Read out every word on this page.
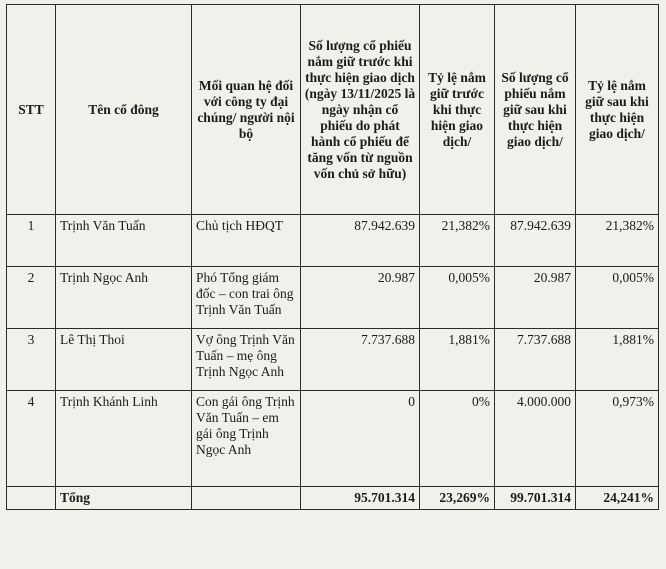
STT	Tên cổ đông	Mối quan hệ đối với công ty đại chúng/ người nội bộ	Số lượng cổ phiếu nắm giữ trước khi thực hiện giao dịch (ngày 13/11/2025 là ngày nhận cổ phiếu do phát hành cổ phiếu để tăng vốn từ nguồn vốn chủ sở hữu)	Tỷ lệ nắm giữ trước khi thực hiện giao dịch/	Số lượng cổ phiếu nắm giữ sau khi thực hiện giao dịch/	Tỷ lệ nắm giữ sau khi thực hiện giao dịch/
1	Trịnh Văn Tuấn	Chủ tịch HĐQT	87.942.639	21,382%	87.942.639	21,382%
2	Trịnh Ngọc Anh	Phó Tổng giám đốc – con trai ông Trịnh Văn Tuấn	20.987	0,005%	20.987	0,005%
3	Lê Thị Thoi	Vợ ông Trịnh Văn Tuấn – mẹ ông Trịnh Ngọc Anh	7.737.688	1,881%	7.737.688	1,881%
4	Trịnh Khánh Linh	Con gái ông Trịnh Văn Tuấn – em gái ông Trịnh Ngọc Anh	0	0%	4.000.000	0,973%
	Tổng		95.701.314	23,269%	99.701.314	24,241%
